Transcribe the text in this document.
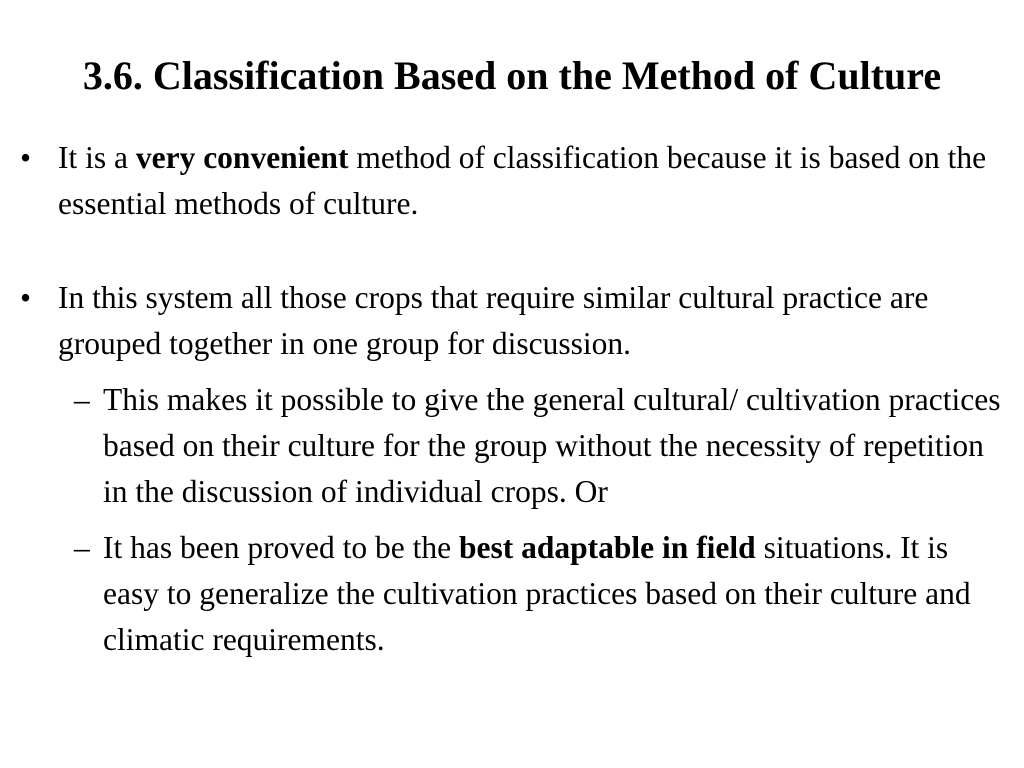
3.6. Classification Based on the Method of Culture
• It is a very convenient method of classification because it is based on the essential methods of culture.
• In this system all those crops that require similar cultural practice are grouped together in one group for discussion.
– This makes it possible to give the general cultural/ cultivation practices based on their culture for the group without the necessity of repetition in the discussion of individual crops. Or
– It has been proved to be the best adaptable in field situations. It is easy to generalize the cultivation practices based on their culture and climatic requirements.
